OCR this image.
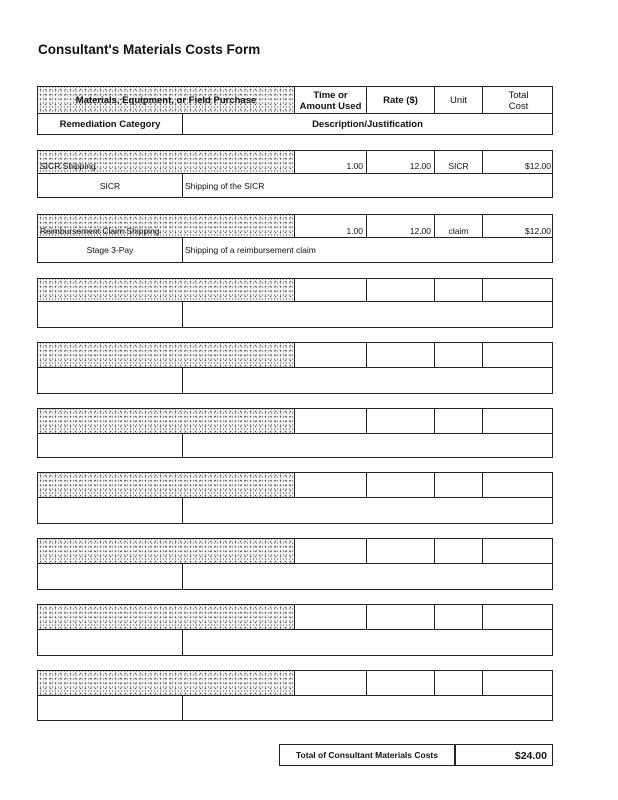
Consultant's Materials Costs Form
Materials, Equipment, or Field Purchase	Time or
Amount Used
Rate ($)	Unit	Total
Cost
Remediation Category	Description/Justification
SICR Shipping	1.00	12.00	SICR	$12.00
SICR	Shipping of the SICR
Reimbursement Claim Shipping	1.00	12.00	claim	$12.00
Stage 3-Pay	Shipping of a reimbursement claim
Total of Consultant Materials Costs	$24.00
